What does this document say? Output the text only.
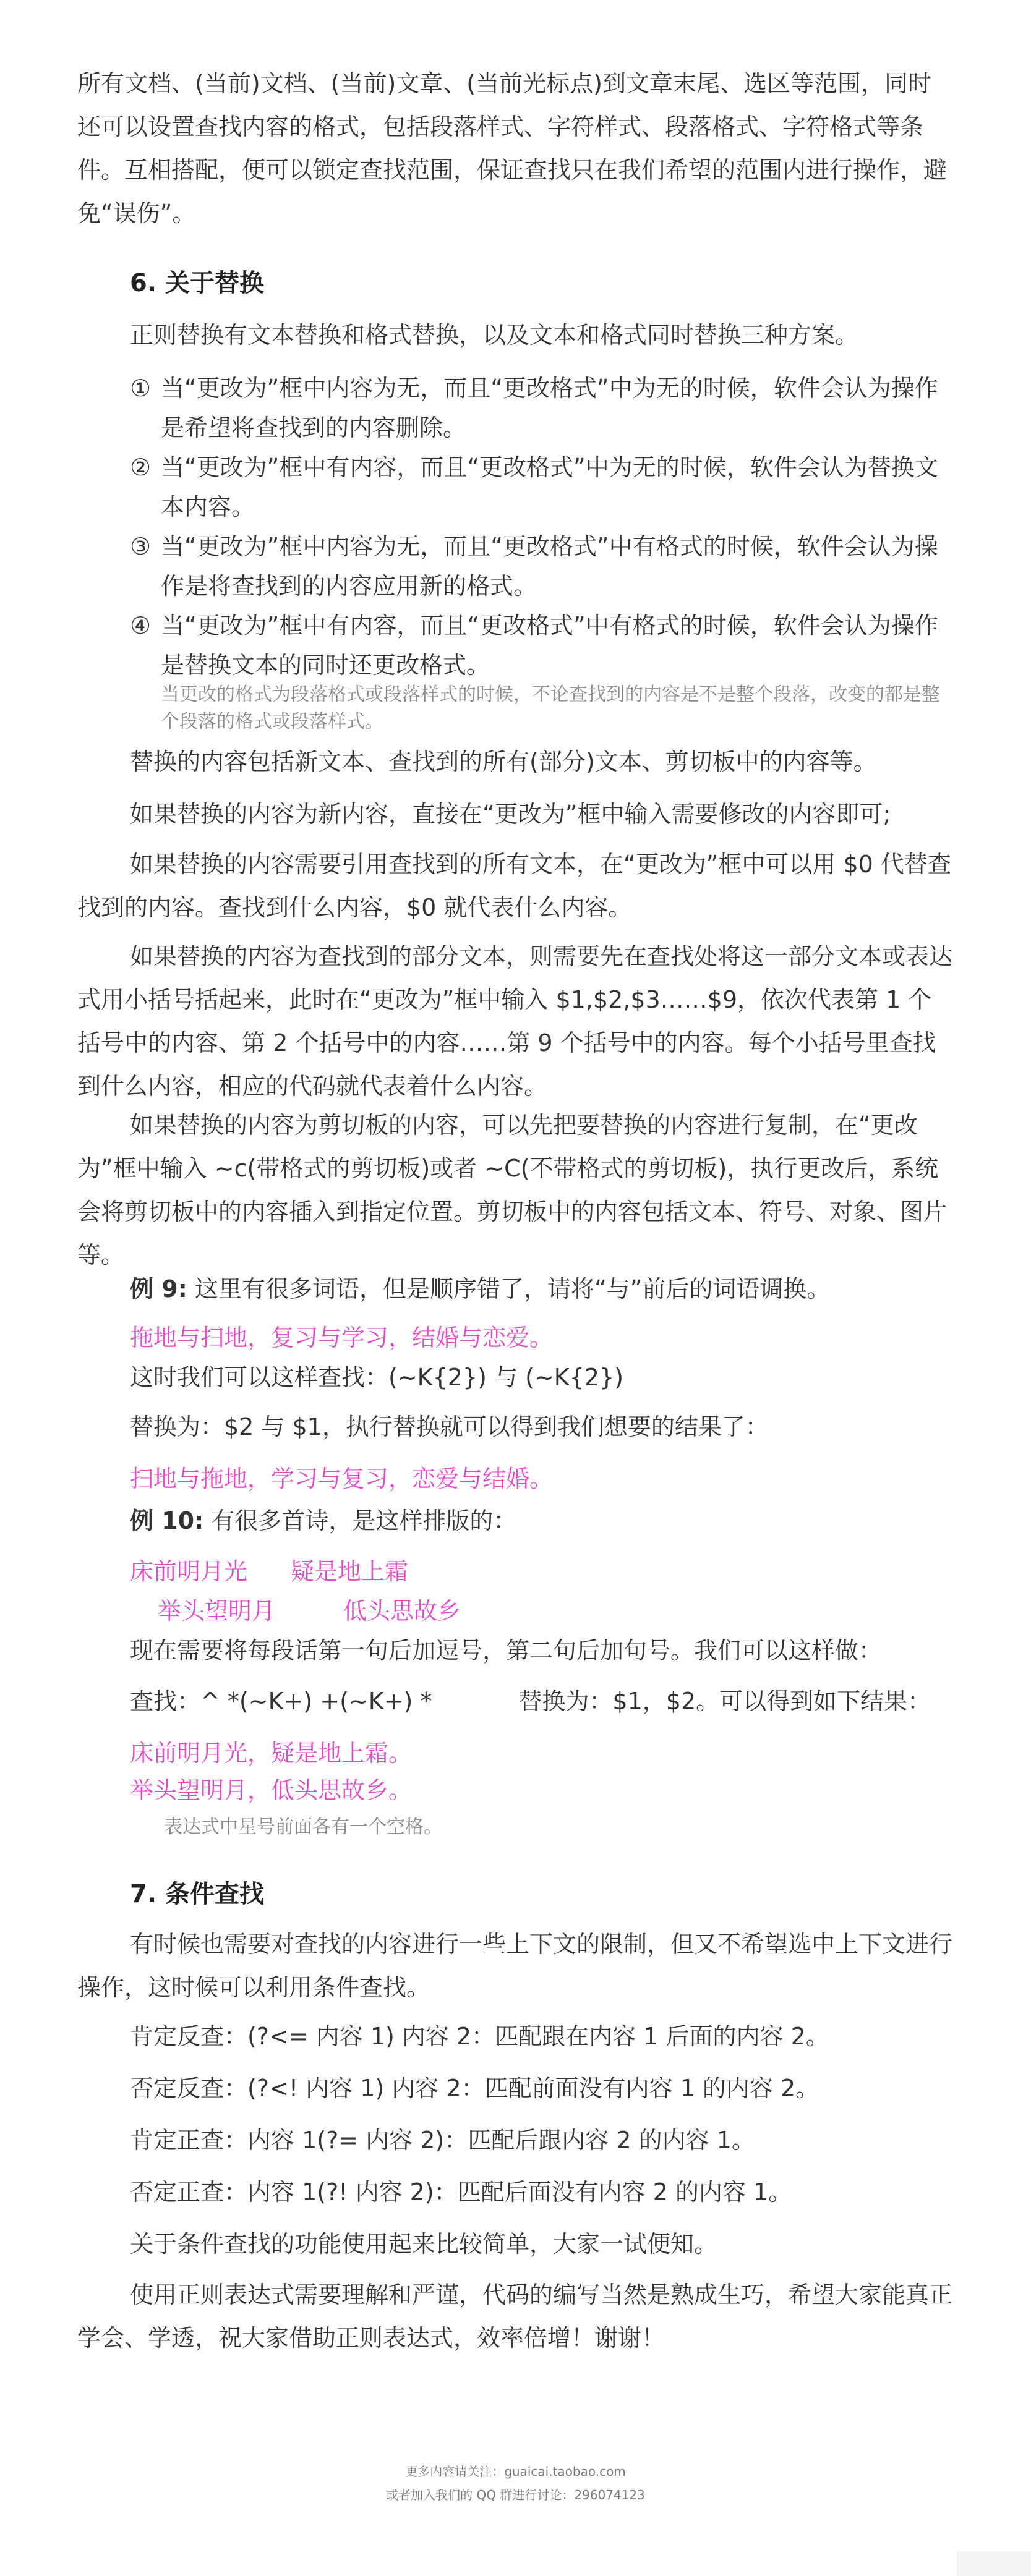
所有文档、(当前)文档、(当前)文章、(当前光标点)到文章末尾、选区等范围，同时还可以设置查找内容的格式，包括段落样式、字符样式、段落格式、字符格式等条件。互相搭配，便可以锁定查找范围，保证查找只在我们希望的范围内进行操作，避免“误伤”。

6. 关于替换

正则替换有文本替换和格式替换，以及文本和格式同时替换三种方案。

① 当“更改为”框中内容为无，而且“更改格式”中为无的时候，软件会认为操作是希望将查找到的内容删除。
② 当“更改为”框中有内容，而且“更改格式”中为无的时候，软件会认为替换文本内容。
③ 当“更改为”框中内容为无，而且“更改格式”中有格式的时候，软件会认为操作是将查找到的内容应用新的格式。
④ 当“更改为”框中有内容，而且“更改格式”中有格式的时候，软件会认为操作是替换文本的同时还更改格式。

当更改的格式为段落格式或段落样式的时候，不论查找到的内容是不是整个段落，改变的都是整个段落的格式或段落样式。

替换的内容包括新文本、查找到的所有(部分)文本、剪切板中的内容等。

如果替换的内容为新内容，直接在“更改为”框中输入需要修改的内容即可;

如果替换的内容需要引用查找到的所有文本，在“更改为”框中可以用 $0 代替查找到的内容。查找到什么内容，$0 就代表什么内容。

如果替换的内容为查找到的部分文本，则需要先在查找处将这一部分文本或表达式用小括号括起来，此时在“更改为”框中输入 $1,$2,$3……$9，依次代表第 1 个括号中的内容、第 2 个括号中的内容……第 9 个括号中的内容。每个小括号里查找到什么内容，相应的代码就代表着什么内容。

如果替换的内容为剪切板的内容，可以先把要替换的内容进行复制，在“更改为”框中输入 ~c(带格式的剪切板)或者 ~C(不带格式的剪切板)，执行更改后，系统会将剪切板中的内容插入到指定位置。剪切板中的内容包括文本、符号、对象、图片等。

例 9: 这里有很多词语，但是顺序错了，请将“与”前后的词语调换。

拖地与扫地，复习与学习，结婚与恋爱。

这时我们可以这样查找：(~K{2}) 与 (~K{2})

替换为：$2 与 $1，执行替换就可以得到我们想要的结果了：

扫地与拖地，学习与复习，恋爱与结婚。

例 10: 有很多首诗，是这样排版的：

床前明月光 疑是地上霜

举头望明月	低头思故乡

现在需要将每段话第一句后加逗号，第二句后加句号。我们可以这样做：

查找：^ *(~K+) +(~K+) *	替换为：$1，$2。可以得到如下结果：

床前明月光，疑是地上霜。

举头望明月，低头思故乡。

表达式中星号前面各有一个空格。

7. 条件查找

有时候也需要对查找的内容进行一些上下文的限制，但又不希望选中上下文进行操作，这时候可以利用条件查找。

肯定反查：(?<= 内容 1) 内容 2：匹配跟在内容 1 后面的内容 2。

否定反查：(?<! 内容 1) 内容 2：匹配前面没有内容 1 的内容 2。

肯定正查：内容 1(?= 内容 2)：匹配后跟内容 2 的内容 1。

否定正查：内容 1(?! 内容 2)：匹配后面没有内容 2 的内容 1。

关于条件查找的功能使用起来比较简单，大家一试便知。

使用正则表达式需要理解和严谨，代码的编写当然是熟成生巧，希望大家能真正学会、学透，祝大家借助正则表达式，效率倍增！谢谢！

更多内容请关注：guaicai.taobao.com

或者加入我们的 QQ 群进行讨论：296074123
